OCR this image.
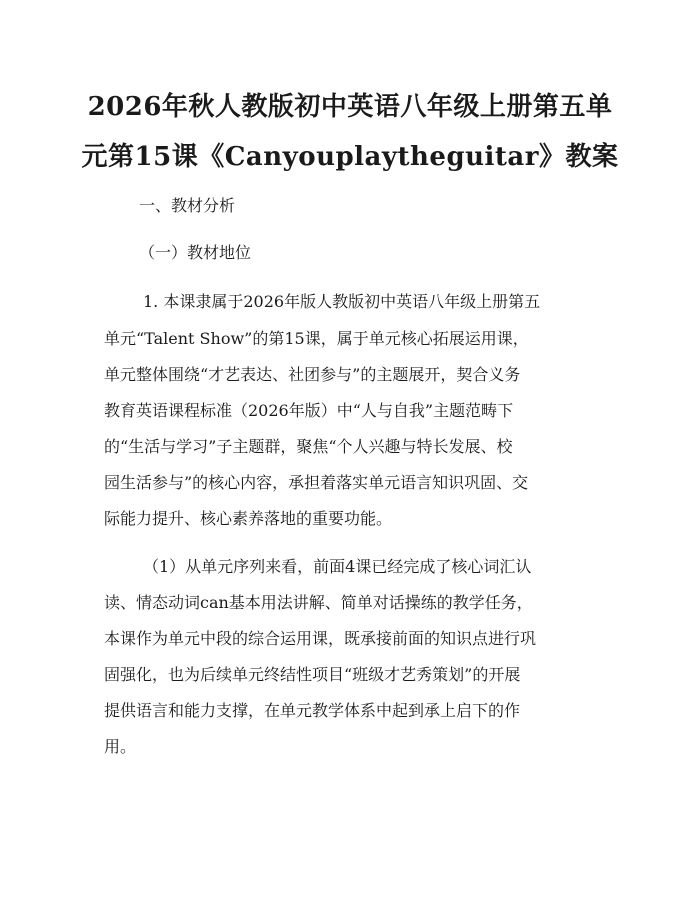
2026年秋人教版初中英语八年级上册第五单
元第15课《Canyouplaytheguitar》教案
一、教材分析
（一）教材地位
1. 本课隶属于2026年版人教版初中英语八年级上册第五
单元“Talent Show”的第15课，属于单元核心拓展运用课，
单元整体围绕“才艺表达、社团参与”的主题展开，契合义务
教育英语课程标准（2026年版）中“人与自我”主题范畴下
的“生活与学习”子主题群，聚焦“个人兴趣与特长发展、校
园生活参与”的核心内容，承担着落实单元语言知识巩固、交
际能力提升、核心素养落地的重要功能。
（1）从单元序列来看，前面4课已经完成了核心词汇认
读、情态动词can基本用法讲解、简单对话操练的教学任务，
本课作为单元中段的综合运用课，既承接前面的知识点进行巩
固强化，也为后续单元终结性项目“班级才艺秀策划”的开展
提供语言和能力支撑，在单元教学体系中起到承上启下的作
用。
